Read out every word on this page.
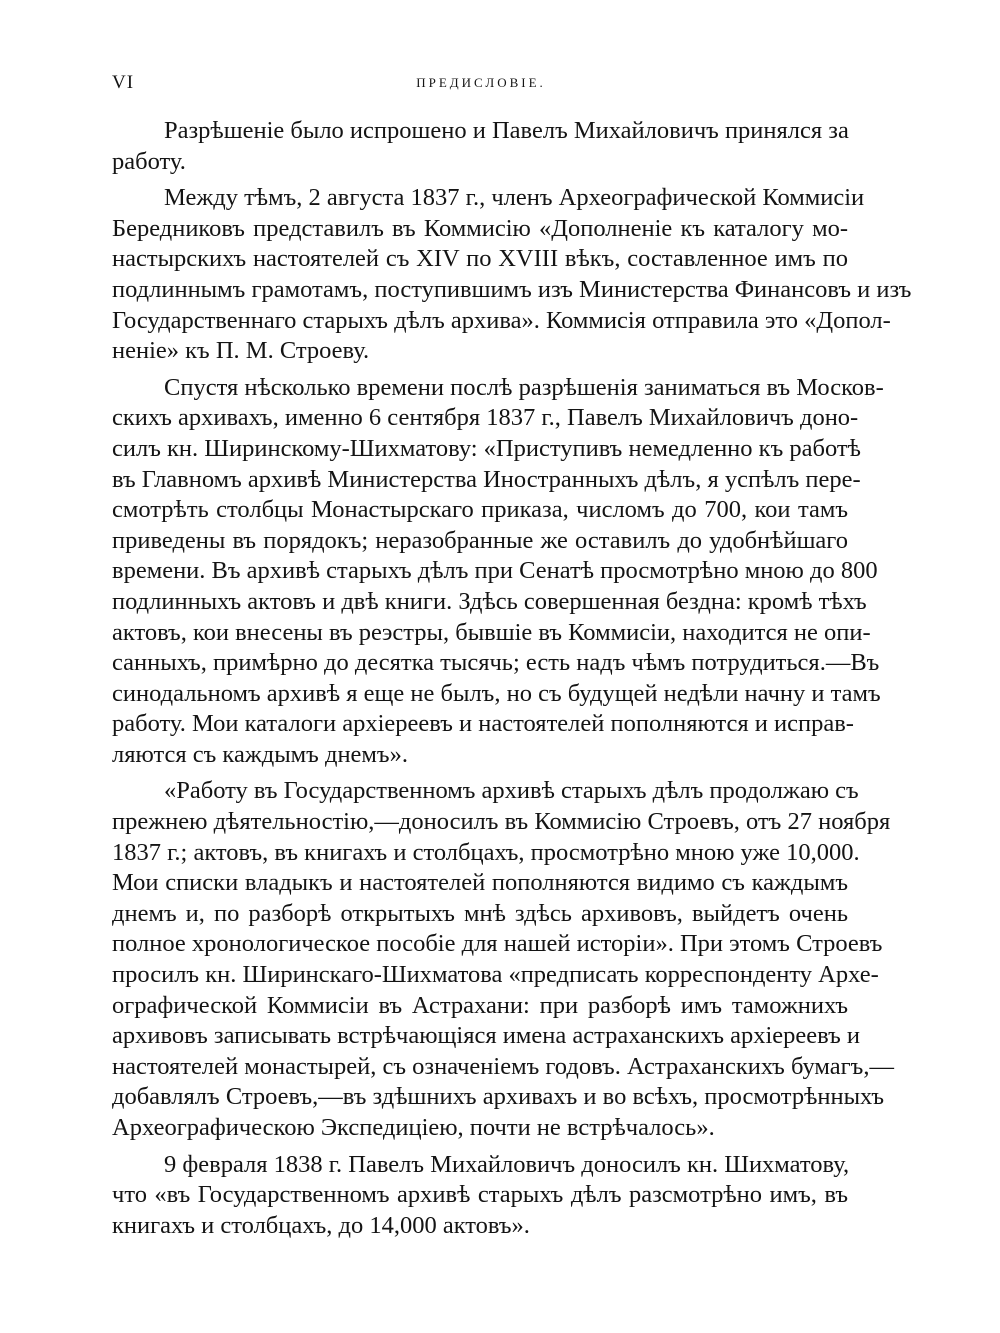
VI	ПРЕДИСЛОВІЕ.

Разрѣшеніе было испрошено и Павелъ Михайловичъ принялся за
работу.

Между тѣмъ, 2 августа 1837 г., членъ Археографической Коммисіи
Бередниковъ представилъ въ Коммисію «Дополненіе къ каталогу мо-
настырскихъ настоятелей съ XIV по XVIII вѣкъ, составленное имъ по
подлиннымъ грамотамъ, поступившимъ изъ Министерства Финансовъ и изъ
Государственнаго старыхъ дѣлъ архива». Коммисія отправила это «Допол-
неніе» къ П. М. Строеву.

Спустя нѣсколько времени послѣ разрѣшенія заниматься въ Москов-
скихъ архивахъ, именно 6 сентября 1837 г., Павелъ Михайловичъ доно-
силъ кн. Ширинскому-Шихматову: «Приступивъ немедленно къ работѣ
въ Главномъ архивѣ Министерства Иностранныхъ дѣлъ, я успѣлъ пере-
смотрѣть столбцы Монастырскаго приказа, числомъ до 700, кои тамъ
приведены въ порядокъ; неразобранные же оставилъ до удобнѣйшаго
времени. Въ архивѣ старыхъ дѣлъ при Сенатѣ просмотрѣно мною до 800
подлинныхъ актовъ и двѣ книги. Здѣсь совершенная бездна: кромѣ тѣхъ
актовъ, кои внесены въ реэстры, бывшіе въ Коммисіи, находится не опи-
санныхъ, примѣрно до десятка тысячь; есть надъ чѣмъ потрудиться.—Въ
синодальномъ архивѣ я еще не былъ, но съ будущей недѣли начну и тамъ
работу. Мои каталоги архіереевъ и настоятелей пополняются и исправ-
ляются съ каждымъ днемъ».

«Работу въ Государственномъ архивѣ старыхъ дѣлъ продолжаю съ
прежнею дѣятельностію,—доносилъ въ Коммисію Строевъ, отъ 27 ноября
1837 г.; актовъ, въ книгахъ и столбцахъ, просмотрѣно мною уже 10,000.
Мои списки владыкъ и настоятелей пополняются видимо съ каждымъ
днемъ и, по разборѣ открытыхъ мнѣ здѣсь архивовъ, выйдетъ очень
полное хронологическое пособіе для нашей исторіи». При этомъ Строевъ
просилъ кн. Ширинскаго-Шихматова «предписать корреспонденту Архе-
ографической Коммисіи въ Астрахани: при разборѣ имъ таможнихъ
архивовъ записывать встрѣчающіяся имена астраханскихъ архіереевъ и
настоятелей монастырей, съ означеніемъ годовъ. Астраханскихъ бумагъ,—
добавлялъ Строевъ,—въ здѣшнихъ архивахъ и во всѣхъ, просмотрѣнныхъ
Археографическою Экспедиціею, почти не встрѣчалось».

9 февраля 1838 г. Павелъ Михайловичъ доносилъ кн. Шихматову,
что «въ Государственномъ архивѣ старыхъ дѣлъ разсмотрѣно имъ, въ
книгахъ и столбцахъ, до 14,000 актовъ».
